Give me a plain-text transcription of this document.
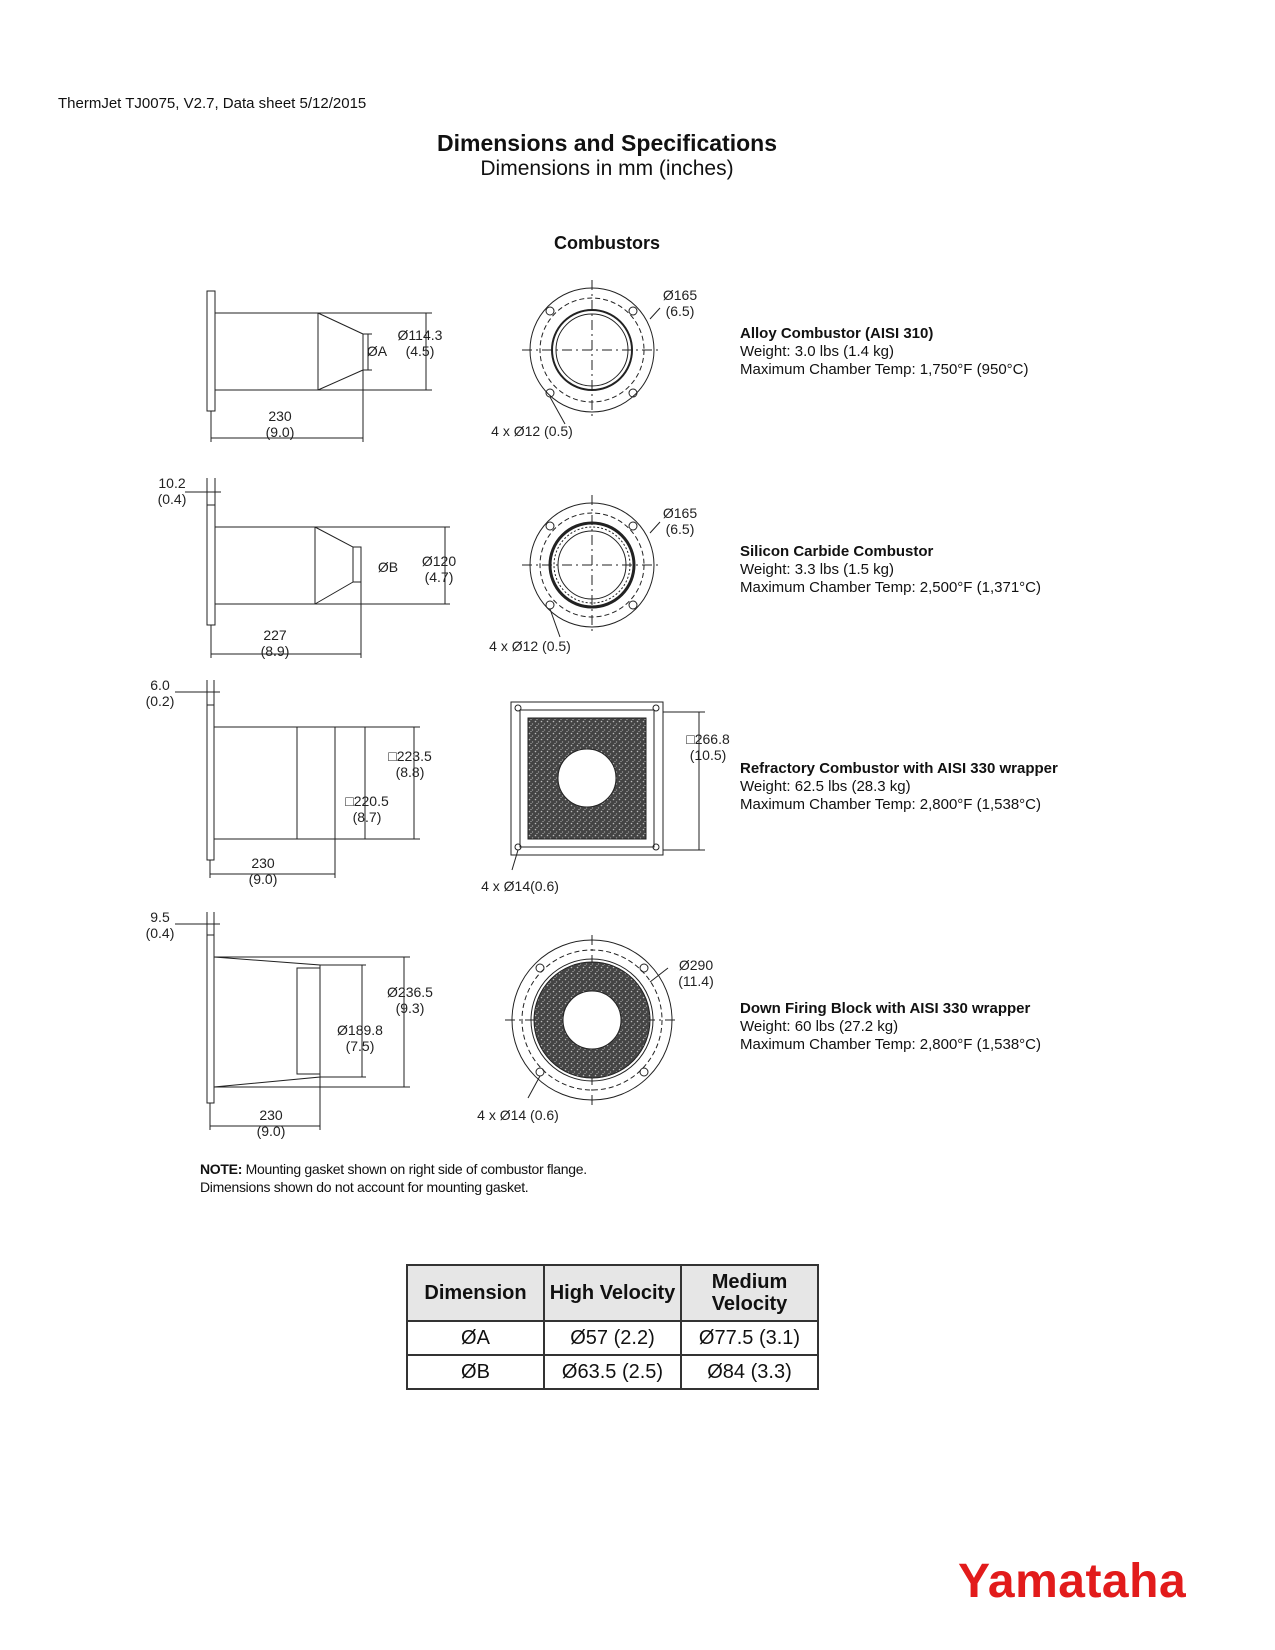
ThermJet TJ0075, V2.7, Data sheet 5/12/2015
Dimensions and Specifications
Dimensions in mm (inches)
Combustors
Ø114.3
(4.5)
ØA
230
(9.0)
Ø165
(6.5)
4 x Ø12 (0.5)
10.2
(0.4)
Ø120
(4.7)
ØB
227
(8.9)
Ø165
(6.5)
4 x Ø12 (0.5)
6.0
(0.2)
□223.5
(8.8)
□220.5
(8.7)
230
(9.0)
□266.8
(10.5)
4 x Ø14(0.6)
9.5
(0.4)
Ø236.5
(9.3)
Ø189.8
(7.5)
230
(9.0)
Ø290
(11.4)
4 x Ø14 (0.6)
Alloy Combustor (AISI 310)
Weight: 3.0 lbs (1.4 kg)
Maximum Chamber Temp: 1,750°F (950°C)
Silicon Carbide Combustor
Weight: 3.3 lbs (1.5 kg)
Maximum Chamber Temp: 2,500°F (1,371°C)
Refractory Combustor with AISI 330 wrapper
Weight: 62.5 lbs (28.3 kg)
Maximum Chamber Temp: 2,800°F (1,538°C)
Down Firing Block with AISI 330 wrapper
Weight: 60 lbs (27.2 kg)
Maximum Chamber Temp: 2,800°F (1,538°C)
NOTE: Mounting gasket shown on right side of combustor flange.
Dimensions shown do not account for mounting gasket.
Dimension	High Velocity	Medium Velocity
ØA	Ø57 (2.2)	Ø77.5 (3.1)
ØB	Ø63.5 (2.5)	Ø84 (3.3)
Yamataha
